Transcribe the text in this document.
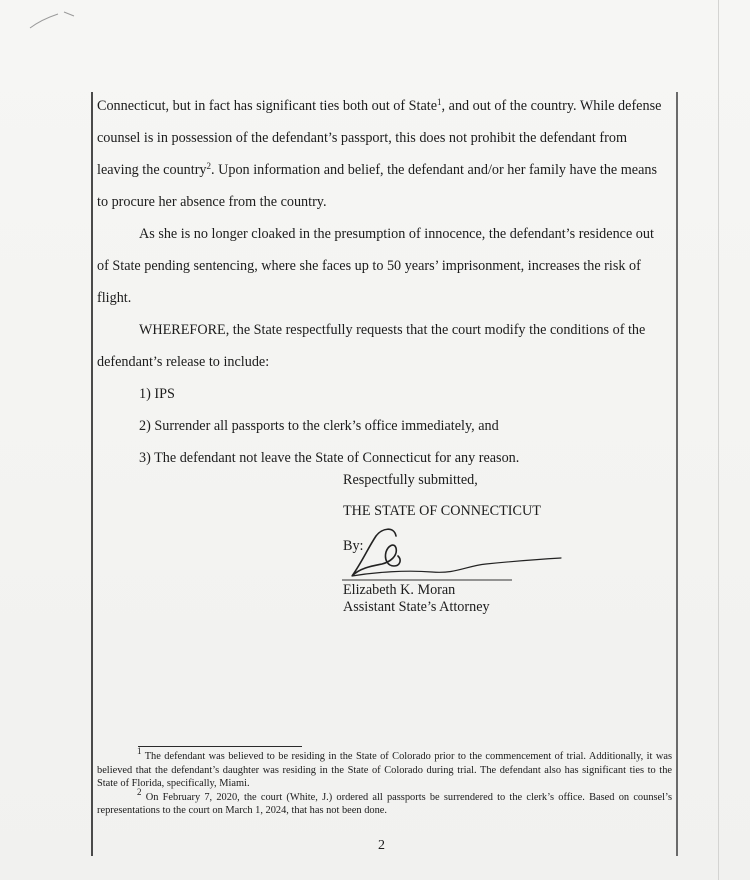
Connecticut, but in fact has significant ties both out of State$^1$, and out of the country. While defense counsel is in possession of the defendant’s passport, this does not prohibit the defendant from leaving the country$^2$. Upon information and belief, the defendant and/or her family have the means to procure her absence from the country.

As she is no longer cloaked in the presumption of innocence, the defendant’s residence out of State pending sentencing, where she faces up to 50 years’ imprisonment, increases the risk of flight.

WHEREFORE, the State respectfully requests that the court modify the conditions of the defendant’s release to include:

1) IPS

2) Surrender all passports to the clerk’s office immediately, and

3) The defendant not leave the State of Connecticut for any reason.

Respectfully submitted,
THE STATE OF CONNECTICUT
By:
Elizabeth K. Moran
Assistant State’s Attorney

$^1$ The defendant was believed to be residing in the State of Colorado prior to the commencement of trial. Additionally, it was believed that the defendant’s daughter was residing in the State of Colorado during trial. The defendant also has significant ties to the State of Florida, specifically, Miami.

$^2$ On February 7, 2020, the court (White, J.) ordered all passports be surrendered to the clerk’s office. Based on counsel’s representations to the court on March 1, 2024, that has not been done.

2
